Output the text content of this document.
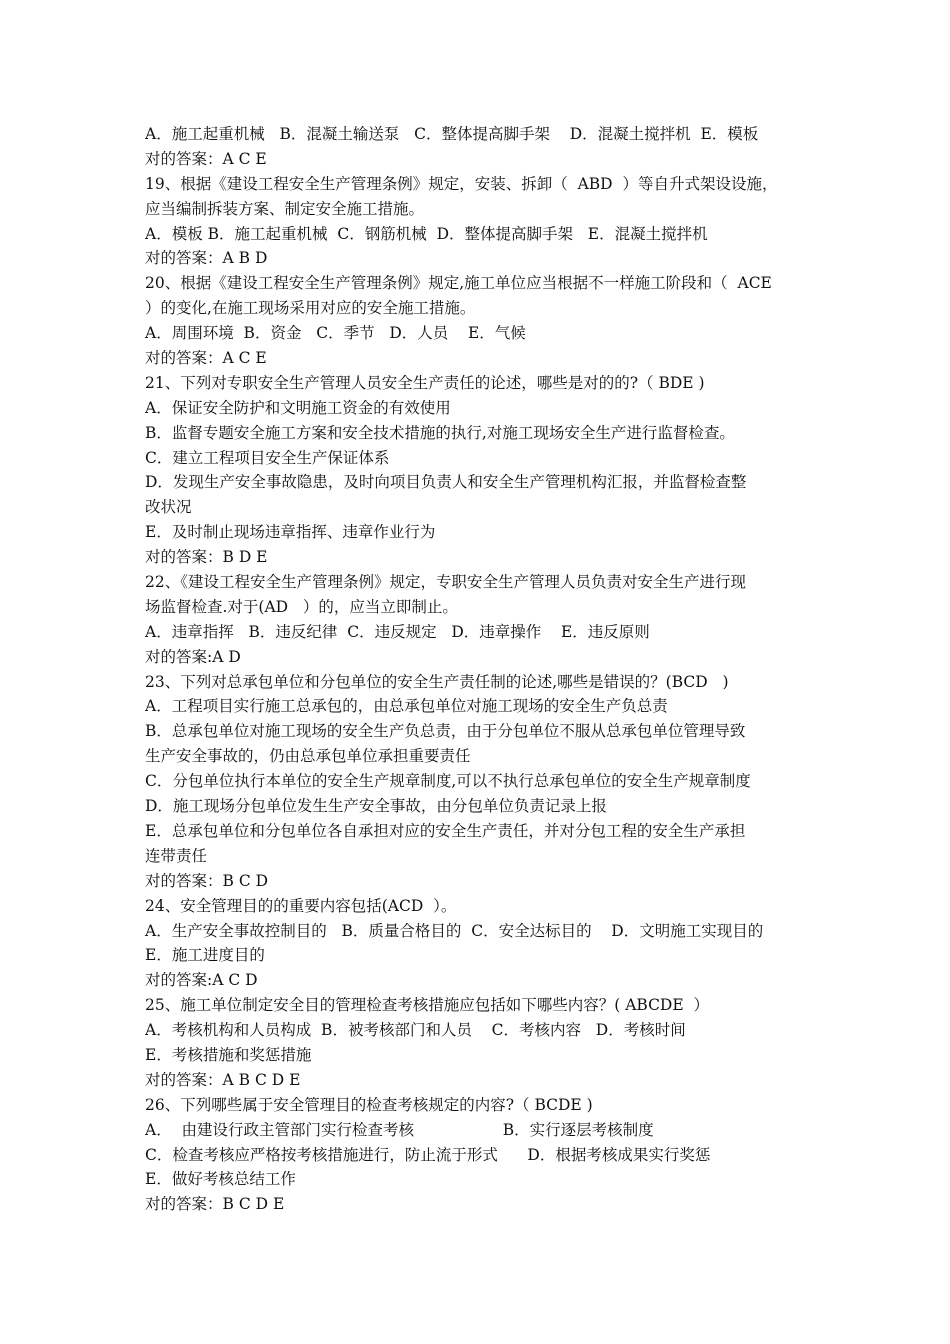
A．施工起重机械   B．混凝土输送泵   C．整体提高脚手架    D．混凝土搅拌机  E．模板
对的答案：A C E
19、根据《建设工程安全生产管理条例》规定，安装、拆卸（  ABD  ）等自升式架设设施，
应当编制拆装方案、制定安全施工措施。
A．模板 B．施工起重机械  C．钢筋机械  D．整体提高脚手架   E．混凝土搅拌机
对的答案：A B D
20、根据《建设工程安全生产管理条例》规定,施工单位应当根据不一样施工阶段和（  ACE
）的变化,在施工现场采用对应的安全施工措施。
A．周围环境  B．资金   C．季节   D．人员    E．气候
对的答案：A C E
21、下列对专职安全生产管理人员安全生产责任的论述，哪些是对的的?（ BDE )
A．保证安全防护和文明施工资金的有效使用
B．监督专题安全施工方案和安全技术措施的执行,对施工现场安全生产进行监督检查。
C．建立工程项目安全生产保证体系
D．发现生产安全事故隐患，及时向项目负责人和安全生产管理机构汇报，并监督检查整
改状况
E．及时制止现场违章指挥、违章作业行为
对的答案：B D E
22、《建设工程安全生产管理条例》规定，专职安全生产管理人员负责对安全生产进行现
场监督检查.对于(AD   ）的，应当立即制止。
A．违章指挥   B．违反纪律  C．违反规定   D．违章操作    E．违反原则
对的答案:A D
23、下列对总承包单位和分包单位的安全生产责任制的论述,哪些是错误的？(BCD   )
A．工程项目实行施工总承包的，由总承包单位对施工现场的安全生产负总责
B．总承包单位对施工现场的安全生产负总责，由于分包单位不服从总承包单位管理导致
生产安全事故的，仍由总承包单位承担重要责任
C．分包单位执行本单位的安全生产规章制度,可以不执行总承包单位的安全生产规章制度
D．施工现场分包单位发生生产安全事故，由分包单位负责记录上报
E．总承包单位和分包单位各自承担对应的安全生产责任，并对分包工程的安全生产承担
连带责任
对的答案：B C D
24、安全管理目的的重要内容包括(ACD  ）。
A．生产安全事故控制目的   B．质量合格目的  C．安全达标目的    D．文明施工实现目的
E．施工进度目的
对的答案:A C D
25、施工单位制定安全目的管理检查考核措施应包括如下哪些内容？( ABCDE  ）
A．考核机构和人员构成  B．被考核部门和人员    C．考核内容   D．考核时间
E．考核措施和奖惩措施
对的答案：A B C D E
26、下列哪些属于安全管理目的检查考核规定的内容?（ BCDE )
A．  由建设行政主管部门实行检查考核                  B．实行逐层考核制度
C．检查考核应严格按考核措施进行，防止流于形式      D．根据考核成果实行奖惩
E．做好考核总结工作
对的答案：B C D E
